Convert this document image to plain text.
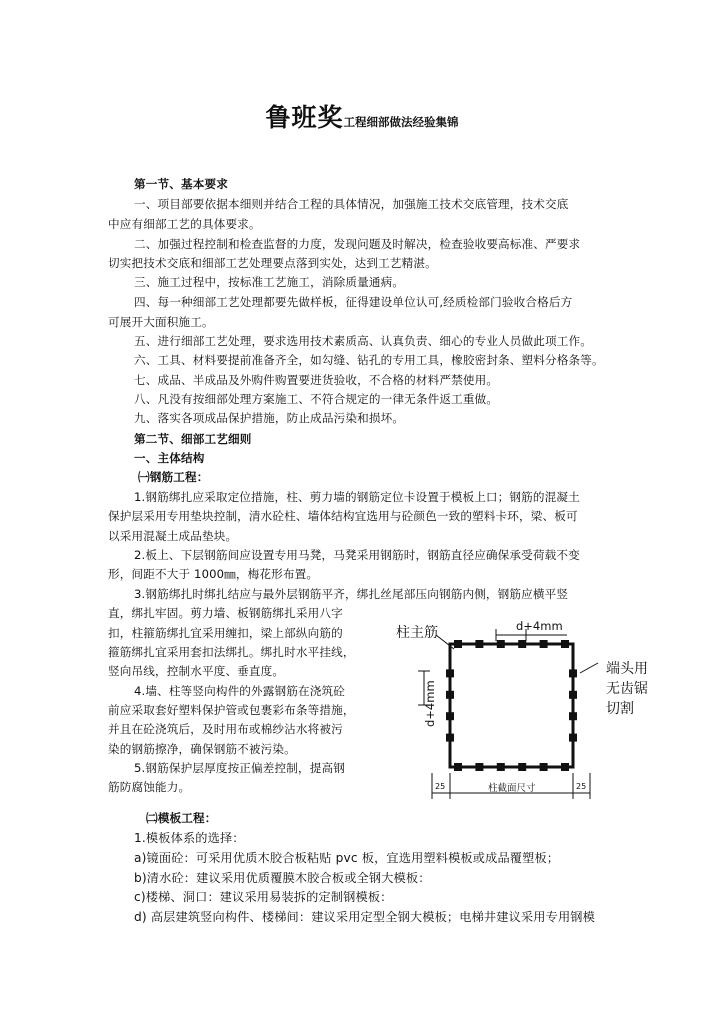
鲁班奖工程细部做法经验集锦
第一节、基本要求
一、项目部要依据本细则并结合工程的具体情况，加强施工技术交底管理，技术交底
中应有细部工艺的具体要求。
二、加强过程控制和检查监督的力度，发现问题及时解决，检查验收要高标准、严要求
切实把技术交底和细部工艺处理要点落到实处，达到工艺精湛。
三、施工过程中，按标准工艺施工，消除质量通病。
四、每一种细部工艺处理都要先做样板，征得建设单位认可,经质检部门验收合格后方
可展开大面积施工。
五、进行细部工艺处理，要求选用技术素质高、认真负责、细心的专业人员做此项工作。
六、工具、材料要提前准备齐全，如勾缝、钻孔的专用工具，橡胶密封条、塑料分格条等。
七、成品、半成品及外购件购置要进货验收，不合格的材料严禁使用。
八、凡没有按细部处理方案施工、不符合规定的一律无条件返工重做。
九、落实各项成品保护措施，防止成品污染和损坏。
第二节、细部工艺细则
一、主体结构
㈠钢筋工程：
1.钢筋绑扎应采取定位措施，柱、剪力墙的钢筋定位卡设置于模板上口；钢筋的混凝土
保护层采用专用垫块控制，清水砼柱、墙体结构宜选用与砼颜色一致的塑料卡环，梁、板可
以采用混凝土成品垫块。
2.板上、下层钢筋间应设置专用马凳，马凳采用钢筋时，钢筋直径应确保承受荷载不变
形，间距不大于 1000㎜，梅花形布置。
3.钢筋绑扎时绑扎结应与最外层钢筋平齐，绑扎丝尾部压向钢筋内侧，钢筋应横平竖
直，绑扎牢固。剪力墙、板钢筋绑扎采用八字
扣，柱箍筋绑扎宜采用缠扣，梁上部纵向筋的
箍筋绑扎宜采用套扣法绑扎。绑扎时水平挂线，
竖向吊线，控制水平度、垂直度。
4.墙、柱等竖向构件的外露钢筋在浇筑砼
前应采取套好塑料保护管或包裹彩布条等措施，
并且在砼浇筑后，及时用布或棉纱沾水将被污
染的钢筋擦净，确保钢筋不被污染。
5.钢筋保护层厚度按正偏差控制，提高钢
筋防腐蚀能力。
柱主筋	d+4mm
d+4mm
端头用
无齿锯
切割
25	25
柱截面尺寸
㈡模板工程：
1.模板体系的选择：
a)镜面砼：可采用优质木胶合板粘贴 pvc 板，宜选用塑料模板或成品覆塑板；
b)清水砼：建议采用优质覆膜木胶合板或全钢大模板：
c)楼梯、洞口：建议采用易装拆的定制钢模板：
d) 高层建筑竖向构件、楼梯间：建议采用定型全钢大模板；电梯井建议采用专用钢模
